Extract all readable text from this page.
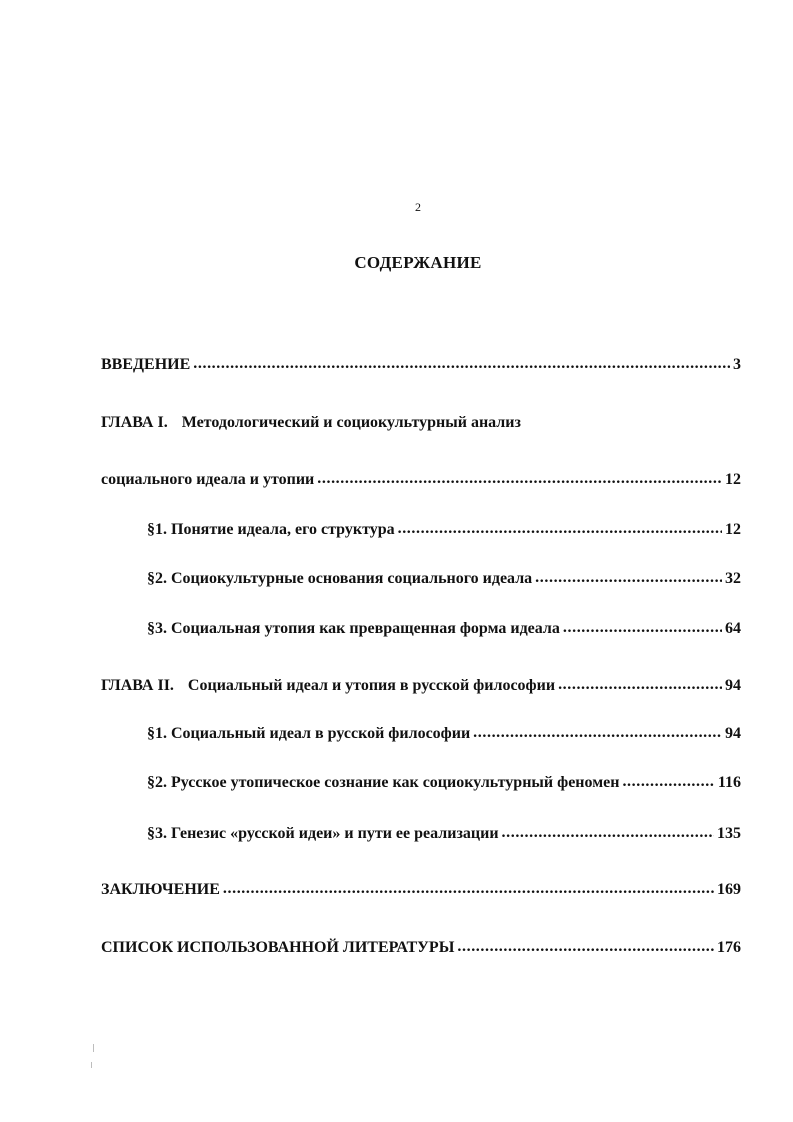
2
СОДЕРЖАНИЕ
ВВЕДЕНИЕ .....	3
ГЛАВА I. Методологический и социокультурный анализ
социального идеала и утопии .....	12
§1. Понятие идеала, его структура .....	12
§2. Социокультурные основания социального идеала .....	32
§3. Социальная утопия как превращенная форма идеала .....	64
ГЛАВА II. Социальный идеал и утопия в русской философии .....	94
§1. Социальный идеал в русской философии .....	94
§2. Русское утопическое сознание как социокультурный феномен .....	116
§3. Генезис «русской идеи» и пути ее реализации .....	135
ЗАКЛЮЧЕНИЕ .....	169
СПИСОК ИСПОЛЬЗОВАННОЙ ЛИТЕРАТУРЫ .....	176
